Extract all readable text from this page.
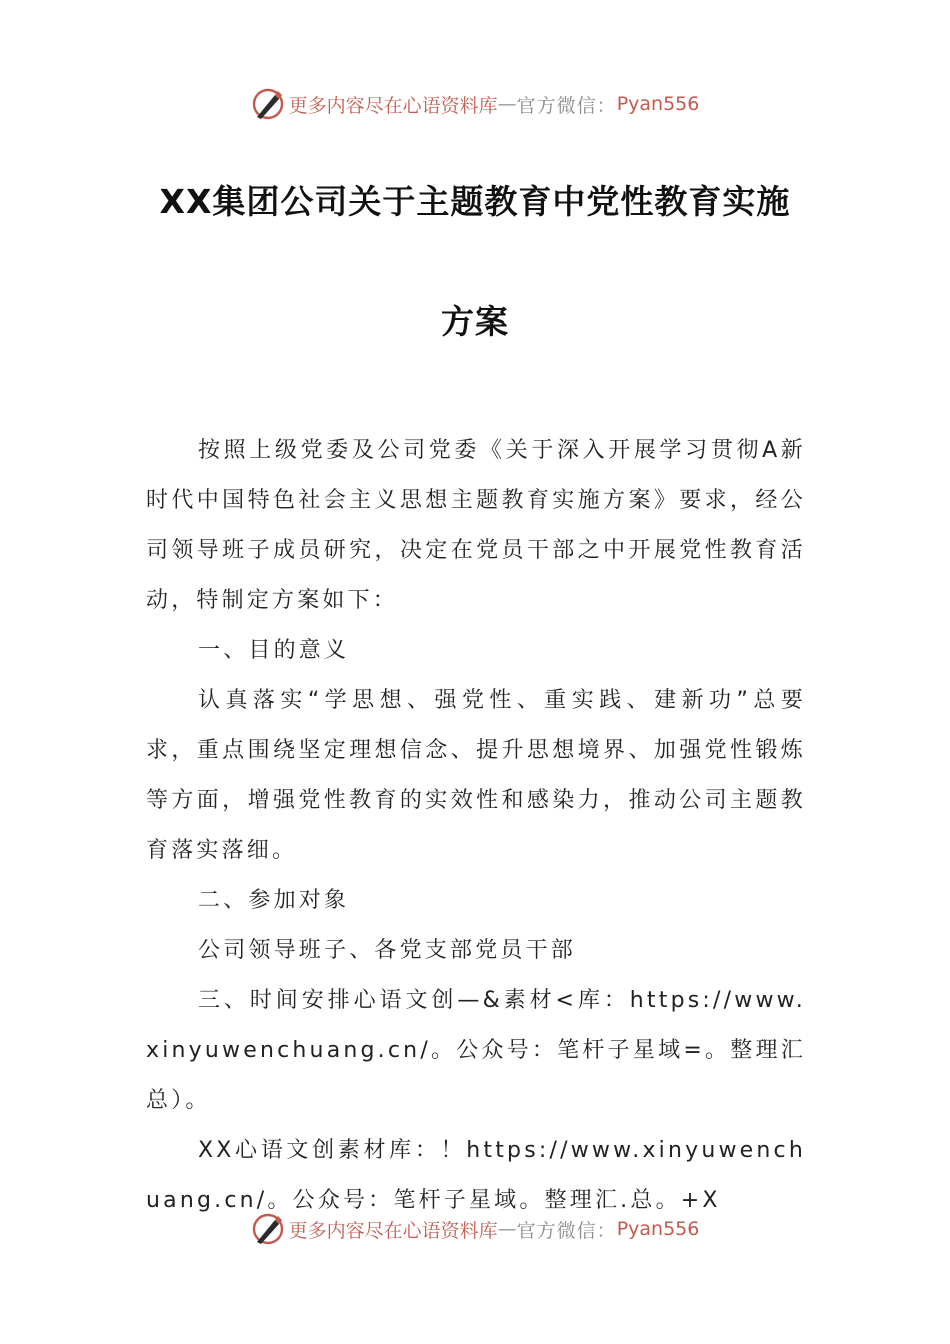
更多内容尽在心语资料库 — 官方微信： Pyan556
XX集团公司关于主题教育中党性教育实施
方案

按照上级党委及公司党委《关于深入开展学习贯彻A新时代中国特色社会主义思想主题教育实施方案》要求，经公司领导班子成员研究，决定在党员干部之中开展党性教育活动，特制定方案如下：

一、目的意义

认真落实“学思想、强党性、重实践、建新功”总要求，重点围绕坚定理想信念、提升思想境界、加强党性锻炼等方面，增强党性教育的实效性和感染力，推动公司主题教育落实落细。

二、参加对象

公司领导班子、各党支部党员干部

三、时间安排心语文创—&素材<库：https://www.xinyuwenchuang.cn/。公众号：笔杆子星域=。整理汇总）。

XX心语文创素材库：！https://www.xinyuwenchuang.cn/。公众号：笔杆子星域。整理汇.总。+X

更多内容尽在心语资料库 — 官方微信： Pyan556
